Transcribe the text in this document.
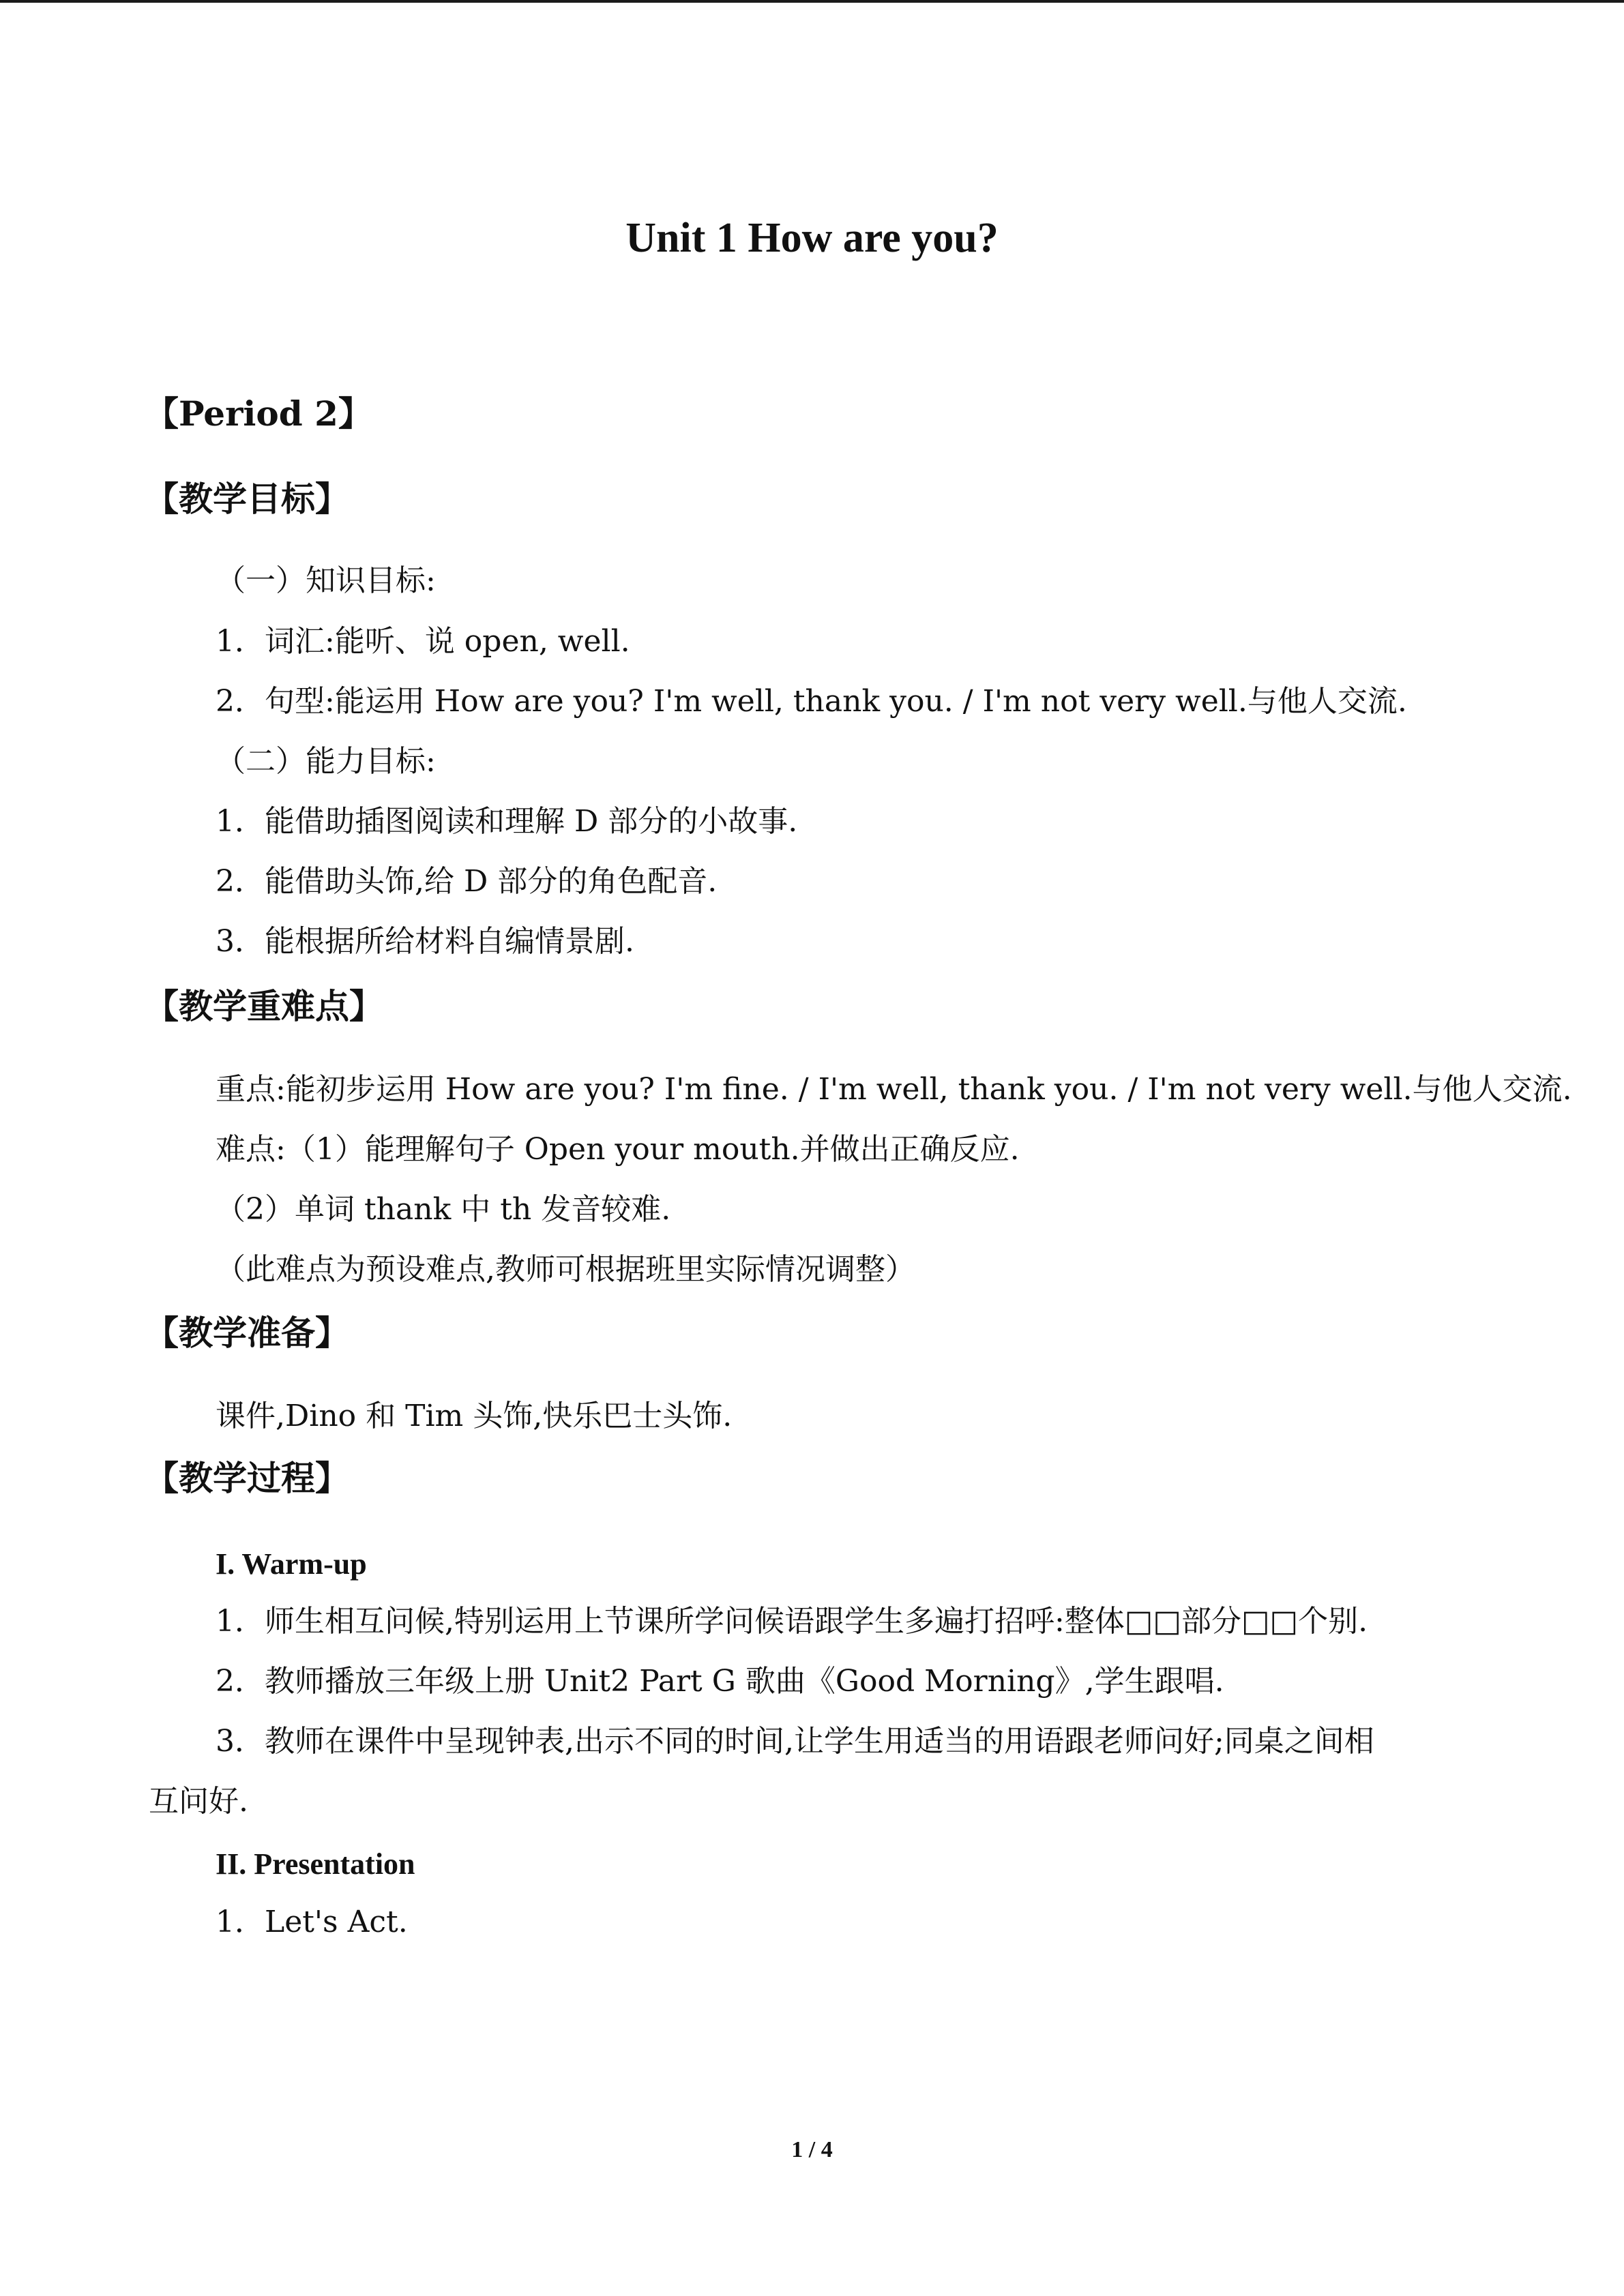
Unit 1 How are you?
【Period 2】
【教学目标】
（一）知识目标:
1．词汇:能听、说 open, well.
2．句型:能运用 How are you? I'm well, thank you. / I'm not very well.与他人交流.
（二）能力目标:
1．能借助插图阅读和理解 D 部分的小故事.
2．能借助头饰,给 D 部分的角色配音.
3．能根据所给材料自编情景剧.
【教学重难点】
重点:能初步运用 How are you? I'm fine. / I'm well, thank you. / I'm not very well.与他人交流.
难点:（1）能理解句子 Open your mouth.并做出正确反应.
（2）单词 thank 中 th 发音较难.
（此难点为预设难点,教师可根据班里实际情况调整）
【教学准备】
课件,Dino 和 Tim 头饰,快乐巴士头饰.
【教学过程】
I. Warm-up
1．师生相互问候,特别运用上节课所学问候语跟学生多遍打招呼:整体□□部分□□个别.
2．教师播放三年级上册 Unit2 Part G 歌曲《Good Morning》,学生跟唱.
3．教师在课件中呈现钟表,出示不同的时间,让学生用适当的用语跟老师问好;同桌之间相
互问好.
II. Presentation
1．Let's Act.
1 / 4
